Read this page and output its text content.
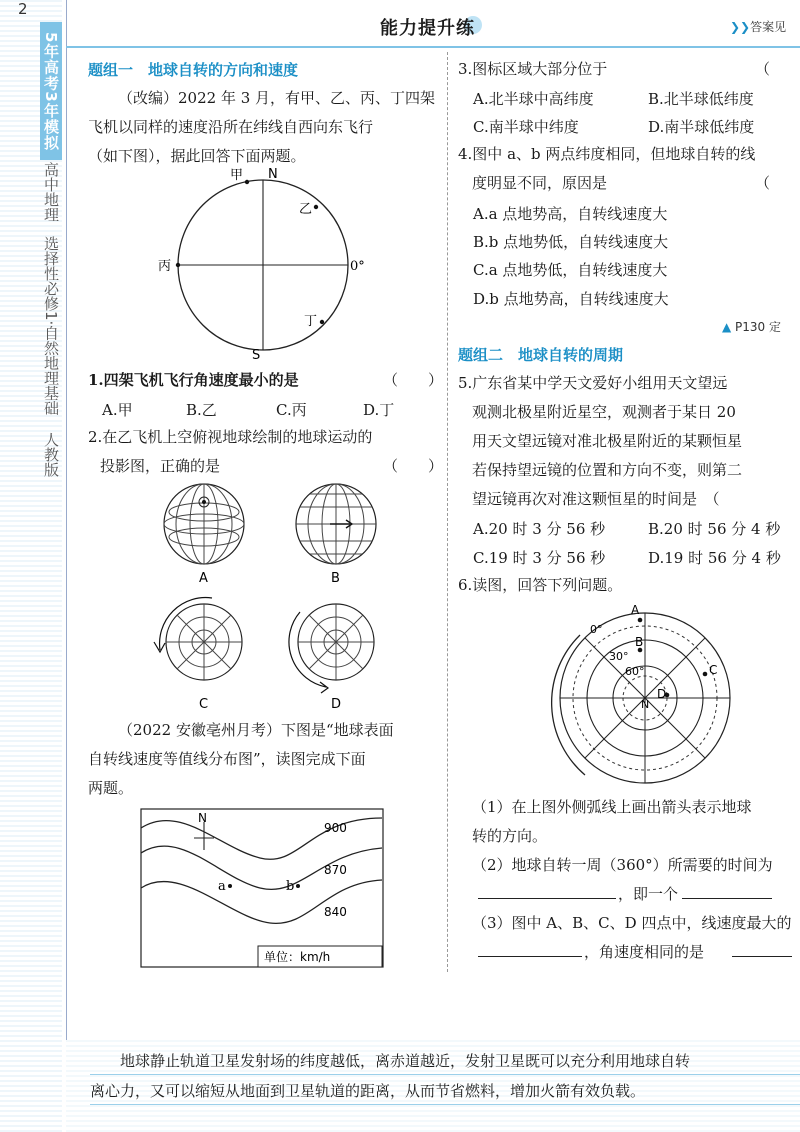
2
5年高考3年模拟
高中地理
选择性必修1·自然地理基础
人教版
能力提升练	❯❯答案见
题组一　地球自转的方向和速度
（改编）2022 年 3 月，有甲、乙、丙、丁四架
飞机以同样的速度沿所在纬线自西向东飞行
（如下图），据此回答下面两题。
甲 N
乙
丙	0°
丁
S
1.四架飞机飞行角速度最小的是	（　　）
A.甲	B.乙	C.丙	D.丁
2.在乙飞机上空俯视地球绘制的地球运动的
投影图，正确的是	（　　）
A	B
C	D
（2022 安徽亳州月考）下图是“地球表面
自转线速度等值线分布图”，读图完成下面
两题。
N
900
870
840
a	b
单位：km/h
3.图标区域大部分位于	（
A.北半球中高纬度	B.北半球低纬度
C.南半球中纬度	D.南半球低纬度
4.图中 a、b 两点纬度相同，但地球自转的线
度明显不同，原因是	（
A.a 点地势高，自转线速度大
B.b 点地势低，自转线速度大
C.a 点地势低，自转线速度大
D.b 点地势高，自转线速度大
▲ P130 定
题组二　地球自转的周期
5.广东省某中学天文爱好小组用天文望远
观测北极星附近星空，观测者于某日 20
用天文望远镜对准北极星附近的某颗恒星
若保持望远镜的位置和方向不变，则第二
望远镜再次对准这颗恒星的时间是　（
A.20 时 3 分 56 秒	B.20 时 56 分 4 秒
C.19 时 3 分 56 秒	D.19 时 56 分 4 秒
6.读图，回答下列问题。
A
0°
B
30°
60°	C
D
N
（1）在上图外侧弧线上画出箭头表示地球
转的方向。
（2）地球自转一周（360°）所需要的时间为
，即一个
（3）图中 A、B、C、D 四点中，线速度最大的
，角速度相同的是
地球静止轨道卫星发射场的纬度越低，离赤道越近，发射卫星既可以充分利用地球自转
离心力，又可以缩短从地面到卫星轨道的距离，从而节省燃料，增加火箭有效负载。
